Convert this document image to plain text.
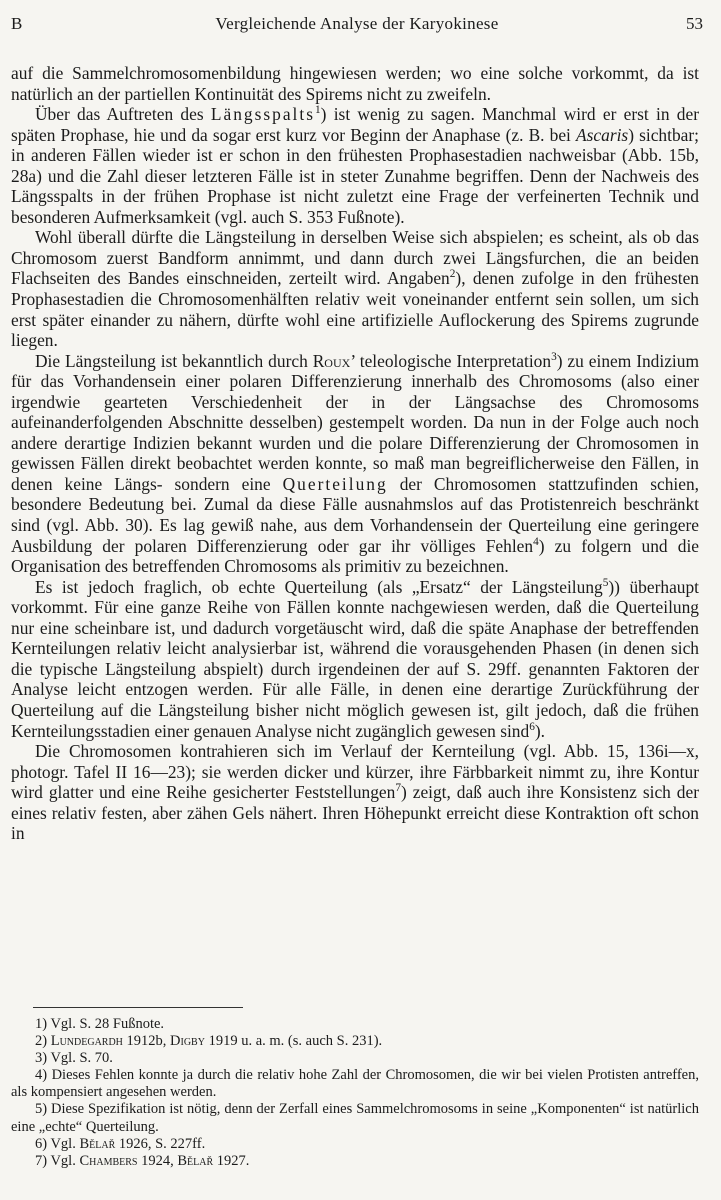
B	Vergleichende Analyse der Karyokinese	53

auf die Sammelchromosomenbildung hingewiesen werden; wo eine solche vorkommt, da ist natürlich an der partiellen Kontinuität des Spirems nicht zu zweifeln.

Über das Auftreten des Längsspalts$^1$) ist wenig zu sagen. Manchmal wird er erst in der späten Prophase, hie und da sogar erst kurz vor Beginn der Anaphase (z. B. bei Ascaris) sichtbar; in anderen Fällen wieder ist er schon in den frühesten Prophasestadien nachweisbar (Abb. 15b, 28a) und die Zahl dieser letzteren Fälle ist in steter Zunahme begriffen. Denn der Nachweis des Längsspalts in der frühen Prophase ist nicht zuletzt eine Frage der verfeinerten Technik und besonderen Aufmerksamkeit (vgl. auch S. 353 Fußnote).

Wohl überall dürfte die Längsteilung in derselben Weise sich abspielen; es scheint, als ob das Chromosom zuerst Bandform annimmt, und dann durch zwei Längsfurchen, die an beiden Flachseiten des Bandes einschneiden, zerteilt wird. Angaben$^2$), denen zufolge in den frühesten Prophasestadien die Chromosomenhälften relativ weit voneinander entfernt sein sollen, um sich erst später einander zu nähern, dürfte wohl eine artifizielle Auflockerung des Spirems zugrunde liegen.

Die Längsteilung ist bekanntlich durch Roux’ teleologische Interpretation$^3$) zu einem Indizium für das Vorhandensein einer polaren Differenzierung innerhalb des Chromosoms (also einer irgendwie gearteten Verschiedenheit der in der Längsachse des Chromosoms aufeinanderfolgenden Abschnitte desselben) gestempelt worden. Da nun in der Folge auch noch andere derartige Indizien bekannt wurden und die polare Differenzierung der Chromosomen in gewissen Fällen direkt beobachtet werden konnte, so maß man begreiflicherweise den Fällen, in denen keine Längs- sondern eine Querteilung der Chromosomen stattzufinden schien, besondere Bedeutung bei. Zumal da diese Fälle ausnahmslos auf das Protistenreich beschränkt sind (vgl. Abb. 30). Es lag gewiß nahe, aus dem Vorhandensein der Querteilung eine geringere Ausbildung der polaren Differenzierung oder gar ihr völliges Fehlen$^4$) zu folgern und die Organisation des betreffenden Chromosoms als primitiv zu bezeichnen.

Es ist jedoch fraglich, ob echte Querteilung (als „Ersatz“ der Längsteilung$^5$)) überhaupt vorkommt. Für eine ganze Reihe von Fällen konnte nachgewiesen werden, daß die Querteilung nur eine scheinbare ist, und dadurch vorgetäuscht wird, daß die späte Anaphase der betreffenden Kernteilungen relativ leicht analysierbar ist, während die vorausgehenden Phasen (in denen sich die typische Längsteilung abspielt) durch irgendeinen der auf S. 29ff. genannten Faktoren der Analyse leicht entzogen werden. Für alle Fälle, in denen eine derartige Zurückführung der Querteilung auf die Längsteilung bisher nicht möglich gewesen ist, gilt jedoch, daß die frühen Kernteilungsstadien einer genauen Analyse nicht zugänglich gewesen sind$^6$).

Die Chromosomen kontrahieren sich im Verlauf der Kernteilung (vgl. Abb. 15, 136i—x, photogr. Tafel II 16—23); sie werden dicker und kürzer, ihre Färbbarkeit nimmt zu, ihre Kontur wird glatter und eine Reihe gesicherter Feststellungen$^7$) zeigt, daß auch ihre Konsistenz sich der eines relativ festen, aber zähen Gels nähert. Ihren Höhepunkt erreicht diese Kontraktion oft schon in

1) Vgl. S. 28 Fußnote.

2) Lundegardh 1912b, Digby 1919 u. a. m. (s. auch S. 231).

3) Vgl. S. 70.

4) Dieses Fehlen konnte ja durch die relativ hohe Zahl der Chromosomen, die wir bei vielen Protisten antreffen, als kompensiert angesehen werden.

5) Diese Spezifikation ist nötig, denn der Zerfall eines Sammelchromosoms in seine „Komponenten“ ist natürlich eine „echte“ Querteilung.

6) Vgl. Bělař 1926, S. 227ff.

7) Vgl. Chambers 1924, Bělař 1927.
